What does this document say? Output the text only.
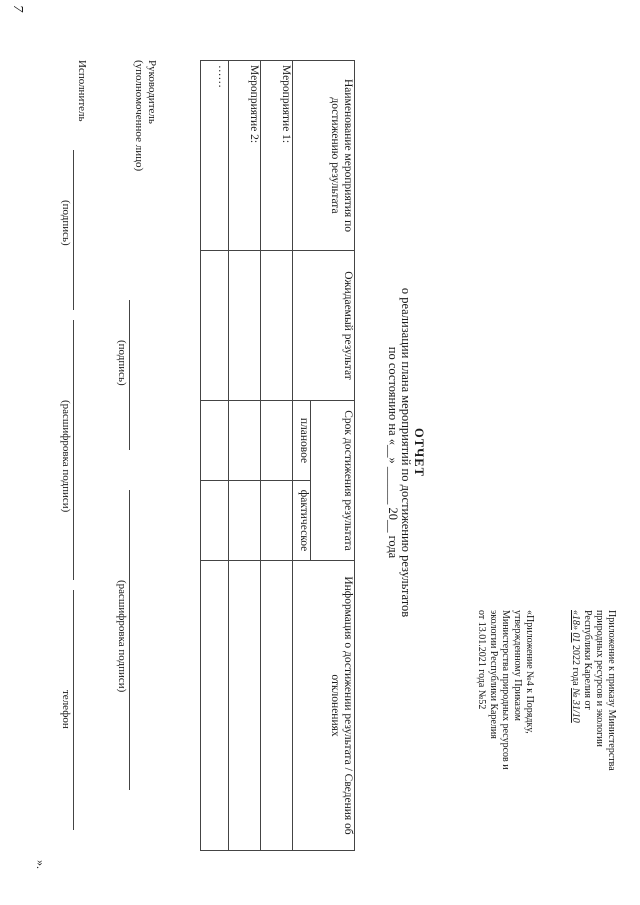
7
Приложение к приказу Министерства
природных ресурсов и экологии
Республики Карелия от
«18» 01 2022 года № 31/10
«Приложение №4 к Порядку,
утвержденному Приказом
Министерства природных ресурсов и
экологии Республики Карелия
от 13.01.2021 года №52
ОТЧЕТ
о реализации плана мероприятий по достижению результатов
по состоянию на «__» ______ 20__ года
Наименование мероприятия по достижению результата	Ожидаемый результат	Срок достижения результата		Информация о достижении результата / Сведения об отклонениях
		плановое	фактическое	
Мероприятие 1:				
Мероприятие 2:				
……				
Руководитель
(уполномоченное лицо)
(подпись)
(расшифровка подписи)
Исполнитель
(подпись)
(расшифровка подписи)
телефон
».
